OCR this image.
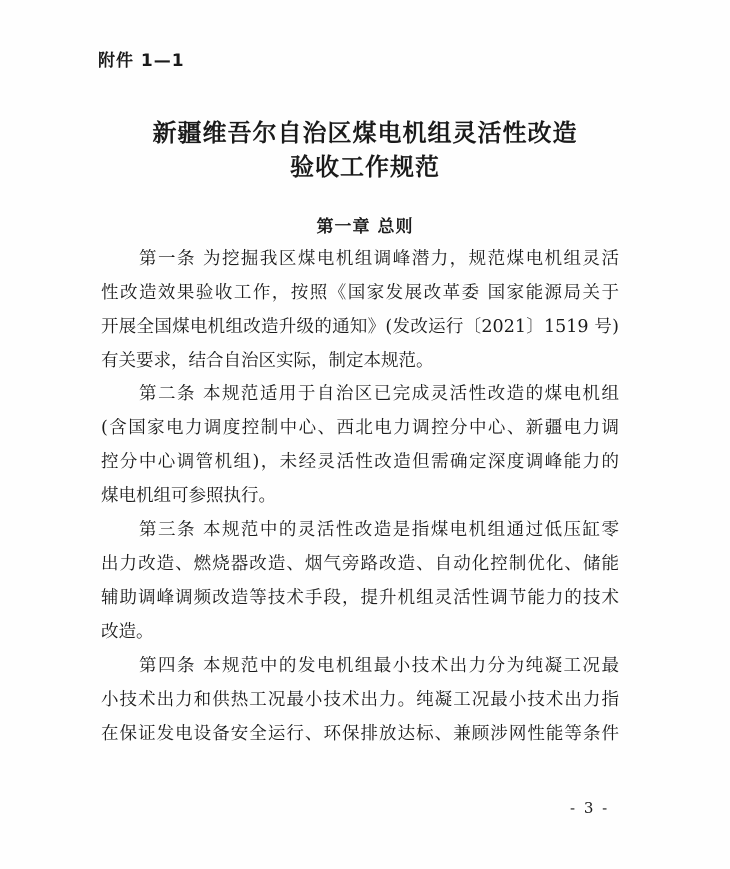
附件 1—1
新疆维吾尔自治区煤电机组灵活性改造
验收工作规范
第一章 总则
第一条 为挖掘我区煤电机组调峰潜力，规范煤电机组灵活
性改造效果验收工作，按照《国家发展改革委 国家能源局关于
开展全国煤电机组改造升级的通知》(发改运行〔2021〕1519 号)
有关要求，结合自治区实际，制定本规范。
第二条 本规范适用于自治区已完成灵活性改造的煤电机组
(含国家电力调度控制中心、西北电力调控分中心、新疆电力调
控分中心调管机组)，未经灵活性改造但需确定深度调峰能力的
煤电机组可参照执行。
第三条 本规范中的灵活性改造是指煤电机组通过低压缸零
出力改造、燃烧器改造、烟气旁路改造、自动化控制优化、储能
辅助调峰调频改造等技术手段，提升机组灵活性调节能力的技术
改造。
第四条 本规范中的发电机组最小技术出力分为纯凝工况最
小技术出力和供热工况最小技术出力。纯凝工况最小技术出力指
在保证发电设备安全运行、环保排放达标、兼顾涉网性能等条件
- 3 -
